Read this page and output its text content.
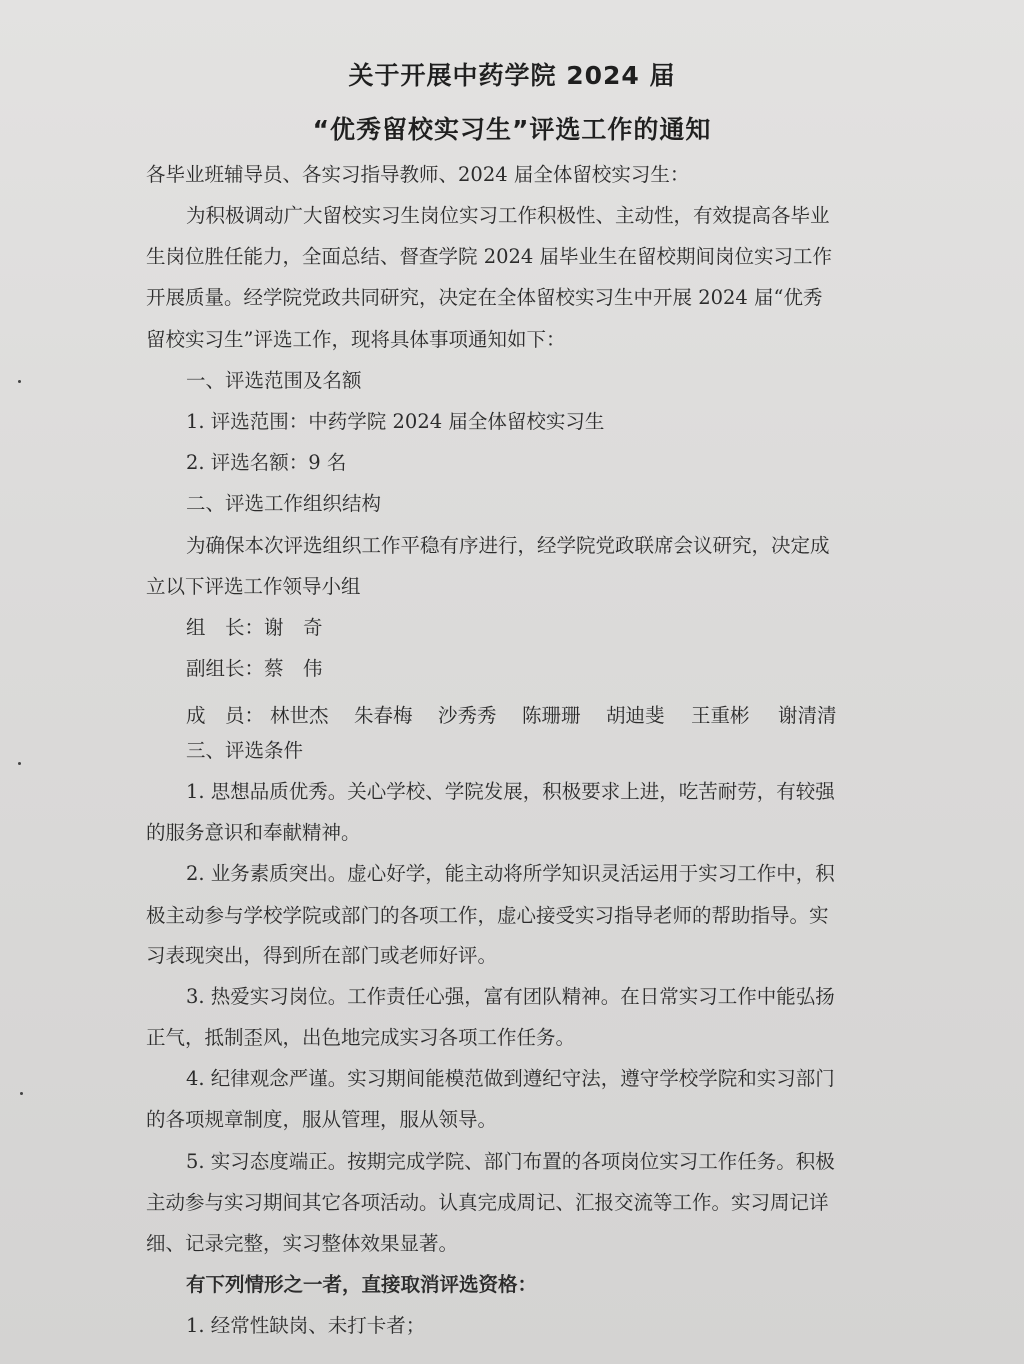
关于开展中药学院 2024 届
“优秀留校实习生”评选工作的通知
各毕业班辅导员、各实习指导教师、2024 届全体留校实习生：
为积极调动广大留校实习生岗位实习工作积极性、主动性，有效提高各毕业
生岗位胜任能力，全面总结、督查学院 2024 届毕业生在留校期间岗位实习工作
开展质量。经学院党政共同研究，决定在全体留校实习生中开展 2024 届“优秀
留校实习生”评选工作，现将具体事项通知如下：
一、评选范围及名额
1. 评选范围：中药学院 2024 届全体留校实习生
2. 评选名额：9 名
二、评选工作组织结构
为确保本次评选组织工作平稳有序进行，经学院党政联席会议研究，决定成
立以下评选工作领导小组
组　长：谢　奇
副组长：蔡　伟
成　员： 林世杰 朱春梅 沙秀秀 陈珊珊 胡迪斐 王重彬 谢清清
三、评选条件
1. 思想品质优秀。关心学校、学院发展，积极要求上进，吃苦耐劳，有较强
的服务意识和奉献精神。
2. 业务素质突出。虚心好学，能主动将所学知识灵活运用于实习工作中，积
极主动参与学校学院或部门的各项工作，虚心接受实习指导老师的帮助指导。实
习表现突出，得到所在部门或老师好评。
3. 热爱实习岗位。工作责任心强，富有团队精神。在日常实习工作中能弘扬
正气，抵制歪风，出色地完成实习各项工作任务。
4. 纪律观念严谨。实习期间能模范做到遵纪守法，遵守学校学院和实习部门
的各项规章制度，服从管理，服从领导。
5. 实习态度端正。按期完成学院、部门布置的各项岗位实习工作任务。积极
主动参与实习期间其它各项活动。认真完成周记、汇报交流等工作。实习周记详
细、记录完整，实习整体效果显著。
有下列情形之一者，直接取消评选资格：
1. 经常性缺岗、未打卡者；
